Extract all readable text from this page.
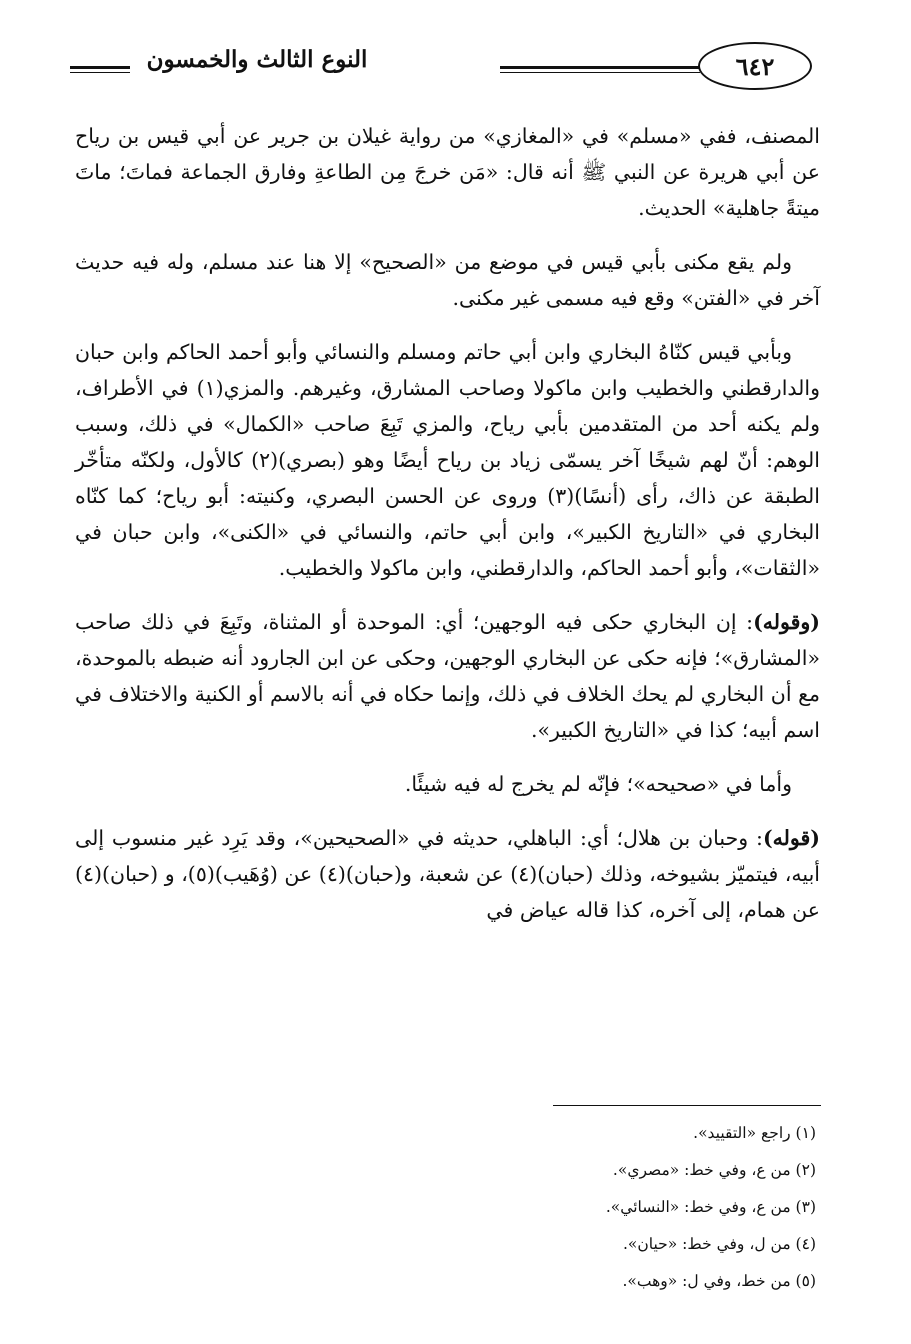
٦٤٢
النوع الثالث والخمسون

المصنف، ففي «مسلم» في «المغازي» من رواية غيلان بن جرير عن أبي قيس بن رياح عن أبي هريرة عن النبي ﷺ أنه قال: «مَن خرجَ مِن الطاعةِ وفارق الجماعة فماتَ؛ ماتَ ميتةً جاهلية» الحديث.

ولم يقع مكنى بأبي قيس في موضع من «الصحيح» إلا هنا عند مسلم، وله فيه حديث آخر في «الفتن» وقع فيه مسمى غير مكنى.

وبأبي قيس كنّاهُ البخاري وابن أبي حاتم ومسلم والنسائي وأبو أحمد الحاكم وابن حبان والدارقطني والخطيب وابن ماكولا وصاحب المشارق، وغيرهم. والمزي(١) في الأطراف، ولم يكنه أحد من المتقدمين بأبي رياح، والمزي تَبِعَ صاحب «الكمال» في ذلك، وسبب الوهم: أنّ لهم شيخًا آخر يسمّى زياد بن رياح أيضًا وهو (بصري)(٢) كالأول، ولكنّه متأخّر الطبقة عن ذاك، رأى (أنسًا)(٣) وروى عن الحسن البصري، وكنيته: أبو رياح؛ كما كنّاه البخاري في «التاريخ الكبير»، وابن أبي حاتم، والنسائي في «الكنى»، وابن حبان في «الثقات»، وأبو أحمد الحاكم، والدارقطني، وابن ماكولا والخطيب.

(وقوله): إن البخاري حكى فيه الوجهين؛ أي: الموحدة أو المثناة، وتَبِعَ في ذلك صاحب «المشارق»؛ فإنه حكى عن البخاري الوجهين، وحكى عن ابن الجارود أنه ضبطه بالموحدة، مع أن البخاري لم يحك الخلاف في ذلك، وإنما حكاه في أنه بالاسم أو الكنية والاختلاف في اسم أبيه؛ كذا في «التاريخ الكبير».

وأما في «صحيحه»؛ فإنّه لم يخرج له فيه شيئًا.

(قوله): وحبان بن هلال؛ أي: الباهلي، حديثه في «الصحيحين»، وقد يَرِد غير منسوب إلى أبيه، فيتميّز بشيوخه، وذلك (حبان)(٤) عن شعبة، و(حبان)(٤) عن (وُهَيب)(٥)، و (حبان)(٤) عن همام، إلى آخره، كذا قاله عياض في

(١) راجع «التقييد».
(٢) من ع، وفي خط: «مصري».
(٣) من ع، وفي خط: «النسائي».
(٤) من ل، وفي خط: «حيان».
(٥) من خط، وفي ل: «وهب».
